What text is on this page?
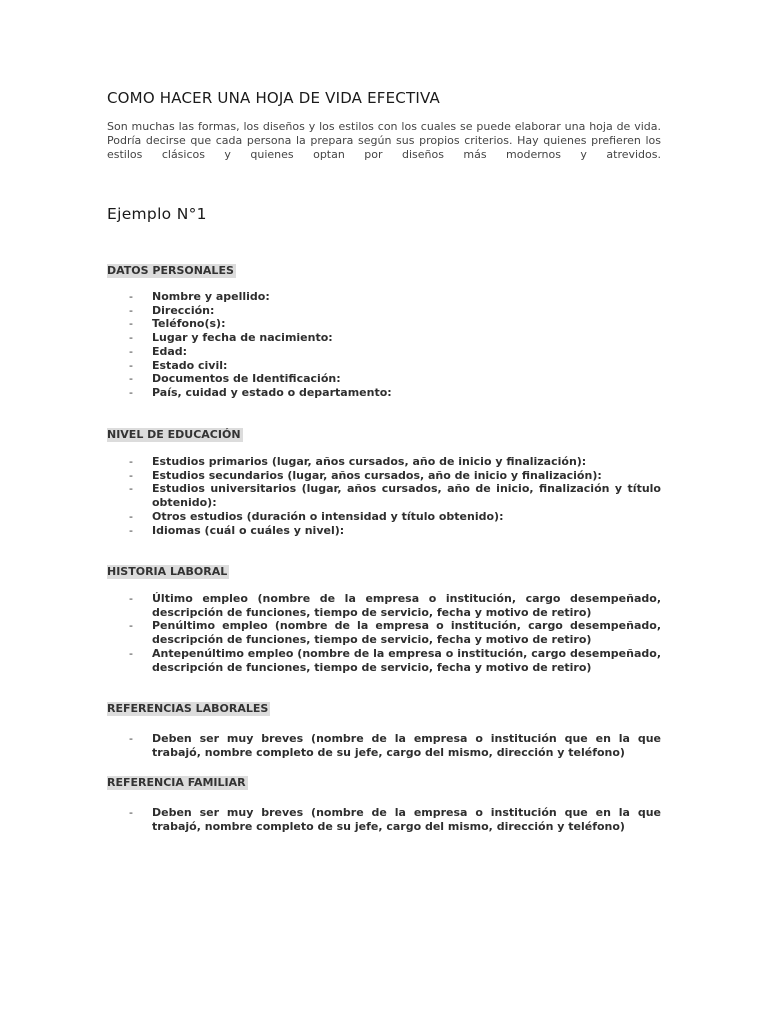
COMO HACER UNA HOJA DE VIDA EFECTIVA

Son muchas las formas, los diseños y los estilos con los cuales se puede elaborar una hoja de vida. Podría decirse que cada persona la prepara según sus propios criterios. Hay quienes prefieren los estilos clásicos y quienes optan por diseños más modernos y atrevidos.

Ejemplo N°1
DATOS PERSONALES
- Nombre y apellido:
- Dirección:
- Teléfono(s):
- Lugar y fecha de nacimiento:
- Edad:
- Estado civil:
- Documentos de Identificación:
- País, cuidad y estado o departamento:
NIVEL DE EDUCACIÓN
- Estudios primarios (lugar, años cursados, año de inicio y finalización):
- Estudios secundarios (lugar, años cursados, año de inicio y finalización):
- Estudios universitarios (lugar, años cursados, año de inicio, finalización y título obtenido):
- Otros estudios (duración o intensidad y título obtenido):
- Idiomas (cuál o cuáles y nivel):
HISTORIA LABORAL
- Último empleo (nombre de la empresa o institución, cargo desempeñado, descripción de funciones, tiempo de servicio, fecha y motivo de retiro)
- Penúltimo empleo (nombre de la empresa o institución, cargo desempeñado, descripción de funciones, tiempo de servicio, fecha y motivo de retiro)
- Antepenúltimo empleo (nombre de la empresa o institución, cargo desempeñado, descripción de funciones, tiempo de servicio, fecha y motivo de retiro)
REFERENCIAS LABORALES
- Deben ser muy breves (nombre de la empresa o institución que en la que trabajó, nombre completo de su jefe, cargo del mismo, dirección y teléfono)
REFERENCIA FAMILIAR
- Deben ser muy breves (nombre de la empresa o institución que en la que trabajó, nombre completo de su jefe, cargo del mismo, dirección y teléfono)
